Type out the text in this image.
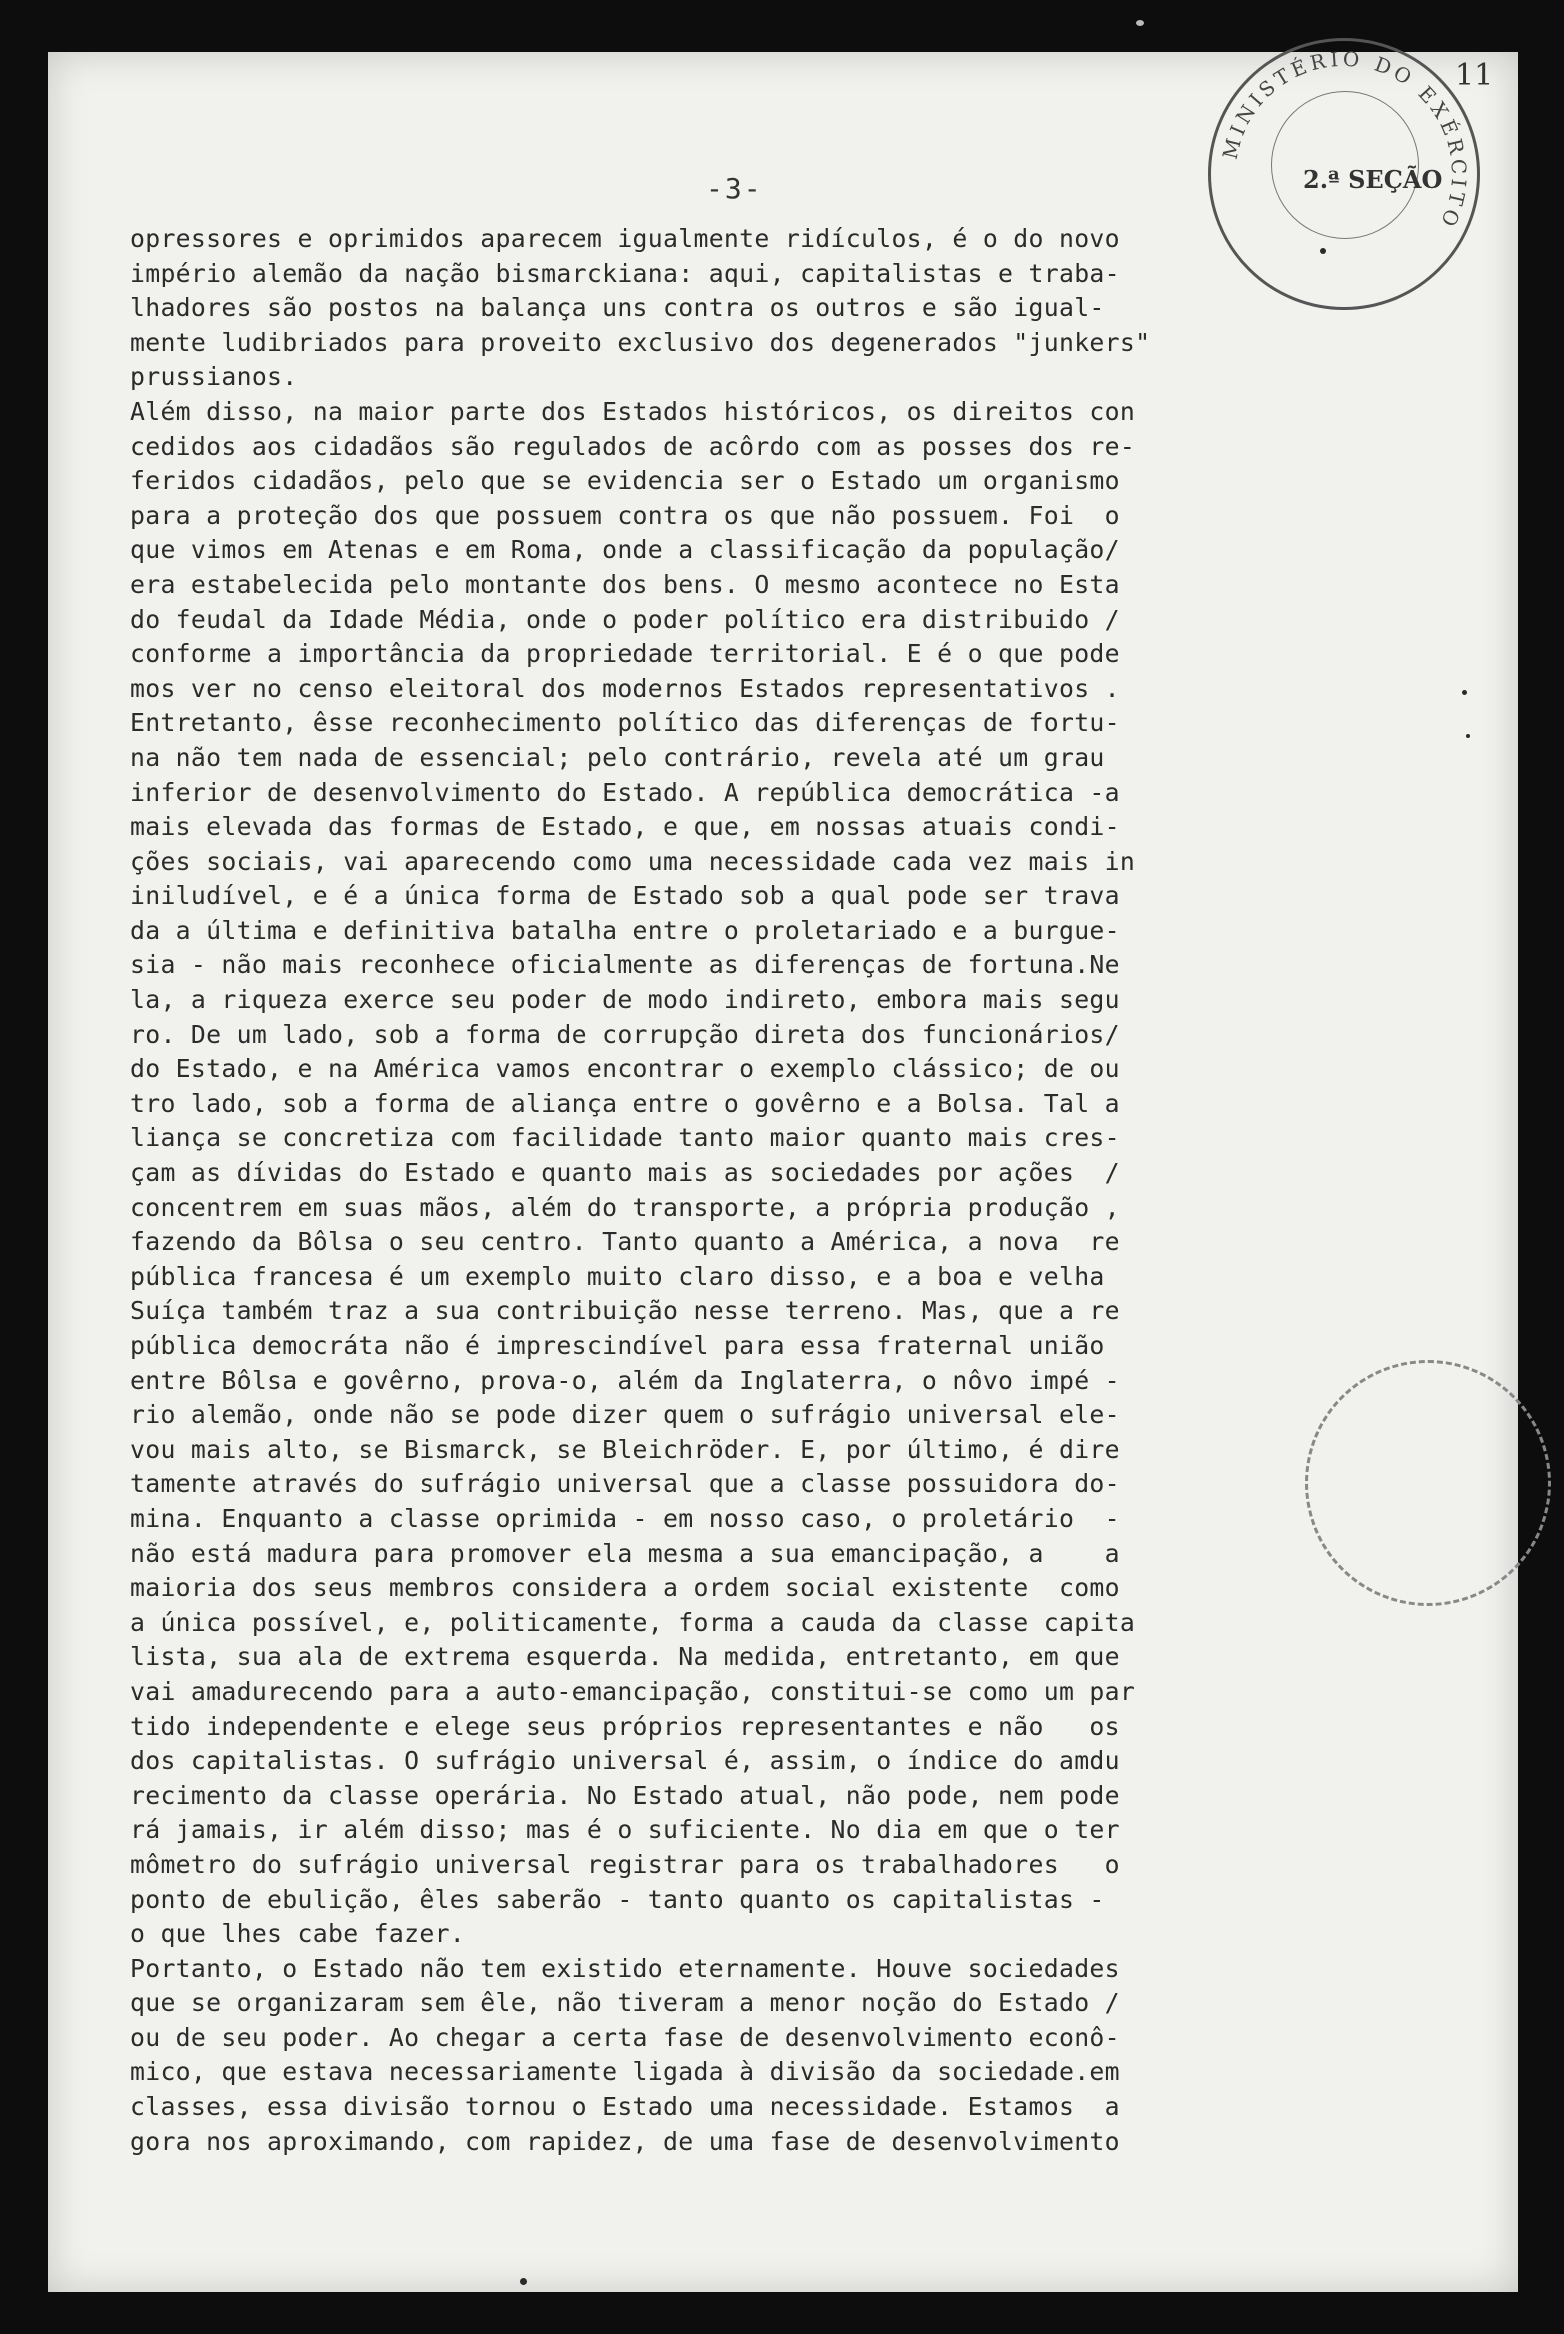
11
MINISTÉRIO DO EXÉRCITO
2.ª SEÇÃO
-3-
opressores e oprimidos aparecem igualmente ridículos, é o do novo
império alemão da nação bismarckiana: aqui, capitalistas e traba-
lhadores são postos na balança uns contra os outros e são igual-
mente ludibriados para proveito exclusivo dos degenerados "junkers"
prussianos.
Além disso, na maior parte dos Estados históricos, os direitos con
cedidos aos cidadãos são regulados de acôrdo com as posses dos re-
feridos cidadãos, pelo que se evidencia ser o Estado um organismo
para a proteção dos que possuem contra os que não possuem. Foi  o
que vimos em Atenas e em Roma, onde a classificação da população/
era estabelecida pelo montante dos bens. O mesmo acontece no Esta
do feudal da Idade Média, onde o poder político era distribuido /
conforme a importância da propriedade territorial. E é o que pode
mos ver no censo eleitoral dos modernos Estados representativos .
Entretanto, êsse reconhecimento político das diferenças de fortu-
na não tem nada de essencial; pelo contrário, revela até um grau
inferior de desenvolvimento do Estado. A república democrática -a
mais elevada das formas de Estado, e que, em nossas atuais condi-
ções sociais, vai aparecendo como uma necessidade cada vez mais in
iniludível, e é a única forma de Estado sob a qual pode ser trava
da a última e definitiva batalha entre o proletariado e a burgue-
sia - não mais reconhece oficialmente as diferenças de fortuna.Ne
la, a riqueza exerce seu poder de modo indireto, embora mais segu
ro. De um lado, sob a forma de corrupção direta dos funcionários/
do Estado, e na América vamos encontrar o exemplo clássico; de ou
tro lado, sob a forma de aliança entre o govêrno e a Bolsa. Tal a
liança se concretiza com facilidade tanto maior quanto mais cres-
çam as dívidas do Estado e quanto mais as sociedades por ações  /
concentrem em suas mãos, além do transporte, a própria produção ,
fazendo da Bôlsa o seu centro. Tanto quanto a América, a nova  re
pública francesa é um exemplo muito claro disso, e a boa e velha
Suíça também traz a sua contribuição nesse terreno. Mas, que a re
pública democráta não é imprescindível para essa fraternal união
entre Bôlsa e govêrno, prova-o, além da Inglaterra, o nôvo impé -
rio alemão, onde não se pode dizer quem o sufrágio universal ele-
vou mais alto, se Bismarck, se Bleichröder. E, por último, é dire
tamente através do sufrágio universal que a classe possuidora do-
mina. Enquanto a classe oprimida - em nosso caso, o proletário  -
não está madura para promover ela mesma a sua emancipação, a    a
maioria dos seus membros considera a ordem social existente  como
a única possível, e, politicamente, forma a cauda da classe capita
lista, sua ala de extrema esquerda. Na medida, entretanto, em que
vai amadurecendo para a auto-emancipação, constitui-se como um par
tido independente e elege seus próprios representantes e não   os
dos capitalistas. O sufrágio universal é, assim, o índice do amdu
recimento da classe operária. No Estado atual, não pode, nem pode
rá jamais, ir além disso; mas é o suficiente. No dia em que o ter
mômetro do sufrágio universal registrar para os trabalhadores   o
ponto de ebulição, êles saberão - tanto quanto os capitalistas -
o que lhes cabe fazer.
Portanto, o Estado não tem existido eternamente. Houve sociedades
que se organizaram sem êle, não tiveram a menor noção do Estado /
ou de seu poder. Ao chegar a certa fase de desenvolvimento econô-
mico, que estava necessariamente ligada à divisão da sociedade.em
classes, essa divisão tornou o Estado uma necessidade. Estamos  a
gora nos aproximando, com rapidez, de uma fase de desenvolvimento
